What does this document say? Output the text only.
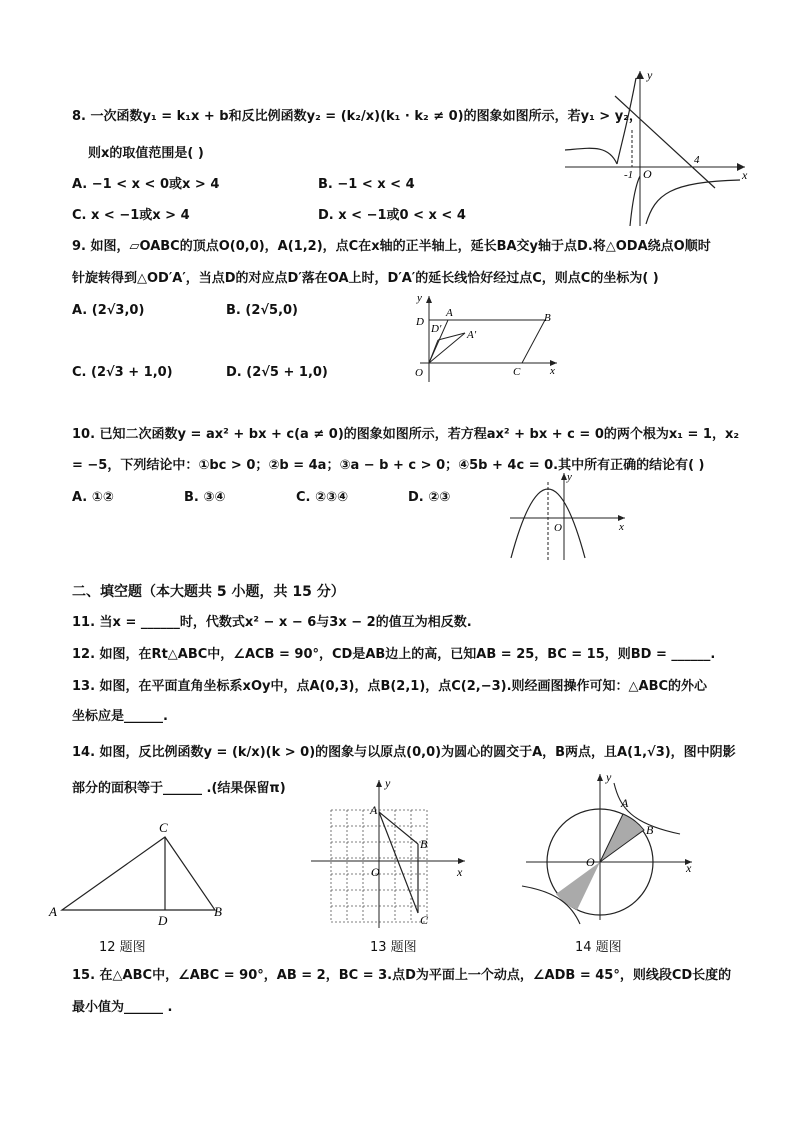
8. 一次函数y₁ = k₁x + b和反比例函数y₂ = (k₂/x)(k₁ · k₂ ≠ 0)的图象如图所示，若y₁ > y₂，
则x的取值范围是( )
A. −1 < x < 0或x > 4	B. −1 < x < 4
C. x < −1或x > 4	D. x < −1或0 < x < 4
y
x
O
-1
4
9. 如图，▱OABC的顶点O(0,0)，A(1,2)，点C在x轴的正半轴上，延长BA交y轴于点D.将△ODA绕点O顺时
针旋转得到△OD′A′，当点D的对应点D′落在OA上时，D′A′的延长线恰好经过点C，则点C的坐标为( )
A. (2√3,0)	B. (2√5,0)
C. (2√3 + 1,0)	D. (2√5 + 1,0)
y
x
O
A	B
C
D
D′ A′
10. 已知二次函数y = ax² + bx + c(a ≠ 0)的图象如图所示，若方程ax² + bx + c = 0的两个根为x₁ = 1，x₂
= −5，下列结论中：①bc > 0；②b = 4a；③a − b + c > 0；④5b + 4c = 0.其中所有正确的结论有( )
A. ①②	B. ③④	C. ②③④	D. ②③
y
x
O
二、填空题（本大题共 5 小题，共 15 分）
11. 当x = ______时，代数式x² − x − 6与3x − 2的值互为相反数.
12. 如图，在Rt△ABC中，∠ACB = 90°，CD是AB边上的高，已知AB = 25，BC = 15，则BD = ______.
13. 如图，在平面直角坐标系xOy中，点A(0,3)，点B(2,1)，点C(2,−3).则经画图操作可知：△ABC的外心
坐标应是______.
14. 如图，反比例函数y = (k/x)(k > 0)的图象与以原点(0,0)为圆心的圆交于A，B两点，且A(1,√3)，图中阴影
部分的面积等于______ .(结果保留π)
A	B
C
D
12 题图
y
x
O
A
B
C
13 题图
y
x
O
A
B
14 题图
15. 在△ABC中，∠ABC = 90°，AB = 2，BC = 3.点D为平面上一个动点，∠ADB = 45°，则线段CD长度的
最小值为______ .
